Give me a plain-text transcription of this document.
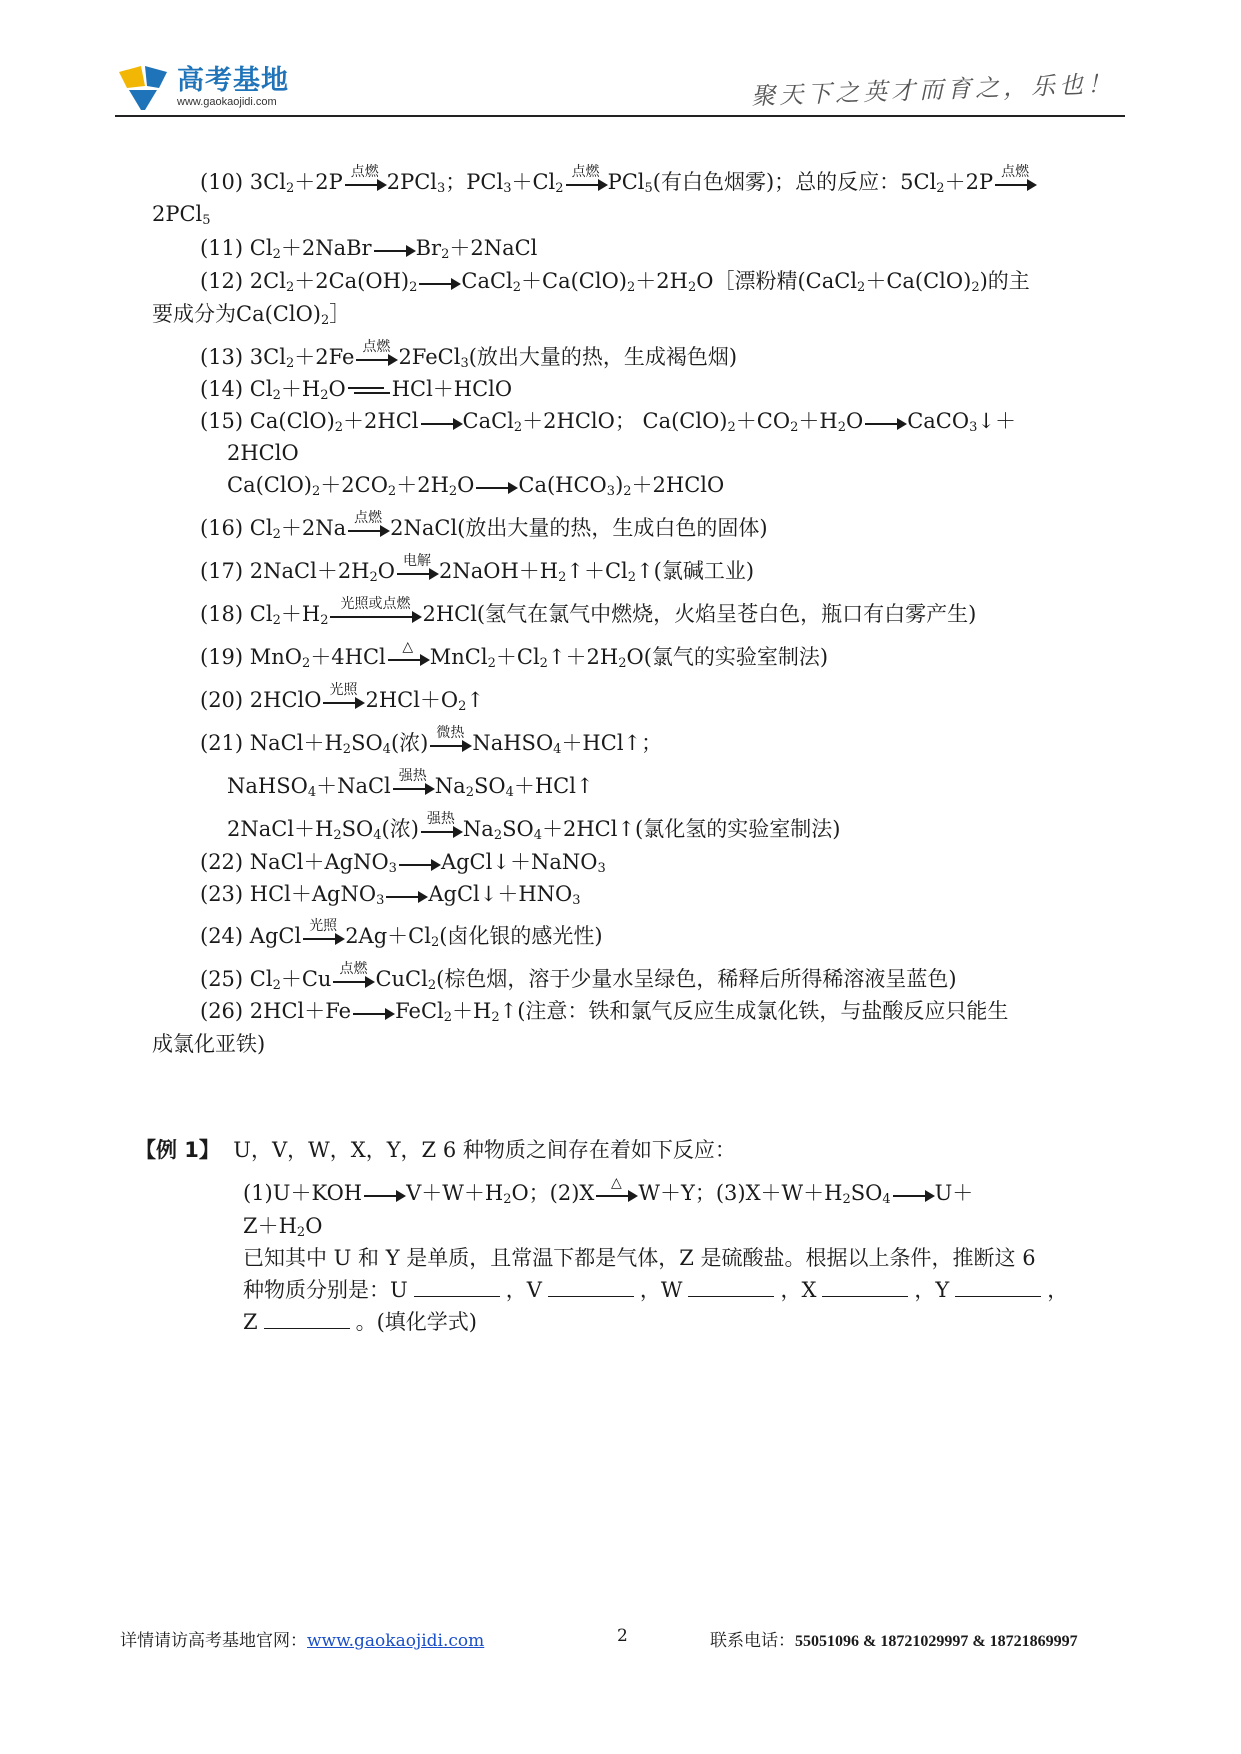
高考基地
www.gaokaojidi.com	聚天下之英才而育之，乐也！
(10) $3Cl_2+2P$ 点燃 2PCl$_3$；$PCl_3+Cl_2$
点燃 PCl$_5$(有白色烟雾)；总的反应：$5Cl_2+2P$ 点燃
2PCl$_5$
(11) $Cl_2+2NaBr$ $Br_2+2NaCl$
(12) $2Cl_2+2Ca(OH)_2$ $CaCl_2+Ca(ClO)_2+2H_2O[$漂粉精$(CaCl_2+Ca(ClO)_2)$的主
要成分为$Ca(ClO)_2]$
(13) $3Cl_2+2Fe$ 点燃 2FeCl$_3$(放出大量的热，生成褐色烟)
(14) $Cl_2+H_2O$ HCl＋HClO
(15) $Ca(ClO)_2+2HCl$ CaCl$_2$＋2HClO； $Ca(ClO)_2+CO_2+H_2O$ CaCO$_3$↓＋
2HClO
$Ca(ClO)_2+2CO_2+2H_2O$ $Ca(HCO_3)_2+2HClO$
(16) $Cl_2+2Na$ 点燃 2NaCl(放出大量的热，生成白色的固体)
(17) $2NaCl+2H_2O$ 电解 $2NaOH+H_2↑+Cl_2↑$(氯碱工业)
(18) $Cl_2+H_2$
光照或点燃 2HCl(氢气在氯气中燃烧，火焰呈苍白色，瓶口有白雾产生)
(19) MnO$_2$＋4HCl	△ $MnCl_2+Cl_2↑+2H_2O$(氯气的实验室制法)
(20) 2HClO 光照 $2HCl+O_2↑$
(21) $NaCl+H_2SO_4$(浓) 微热 NaHSO$_4$＋HCl↑；
NaHSO$_4$＋NaCl 强热 $Na_2SO_4+HCl↑$
$2NaCl+H_2SO_4$(浓) 强热 $Na_2SO_4+2HCl↑$(氯化氢的实验室制法)
(22) NaCl＋AgNO$_3$ AgCl↓＋NaNO$_3$
(23) HCl＋AgNO$_3$ $AgCl↓+HNO_3$
(24) AgCl 光照 $2Ag+Cl_2$(卤化银的感光性)
(25) $Cl_2+Cu$ 点燃 CuCl$_2$(棕色烟，溶于少量水呈绿色，稀释后所得稀溶液呈蓝色)
(26) 2HCl＋Fe $FeCl_2+H_2↑$(注意：铁和氯气反应生成氯化铁，与盐酸反应只能生
成氯化亚铁)
【例 1】 U，V，W，X，Y，Z 6 种物质之间存在着如下反应：
(1)U＋KOH $V+W+H_2O$；(2)X	△ W＋Y；$(3)X+W+H_2SO_4$ U＋
$Z+H_2O$
已知其中 U 和 Y 是单质，且常温下都是气体，Z 是硫酸盐。根据以上条件，推断这 6
种物质分别是：U	，V	，W	，X	，Y	，
Z	。(填化学式)
详情请访高考基地官网：www.gaokaojidi.com	2	联系电话：55051096 & 18721029997 & 18721869997
